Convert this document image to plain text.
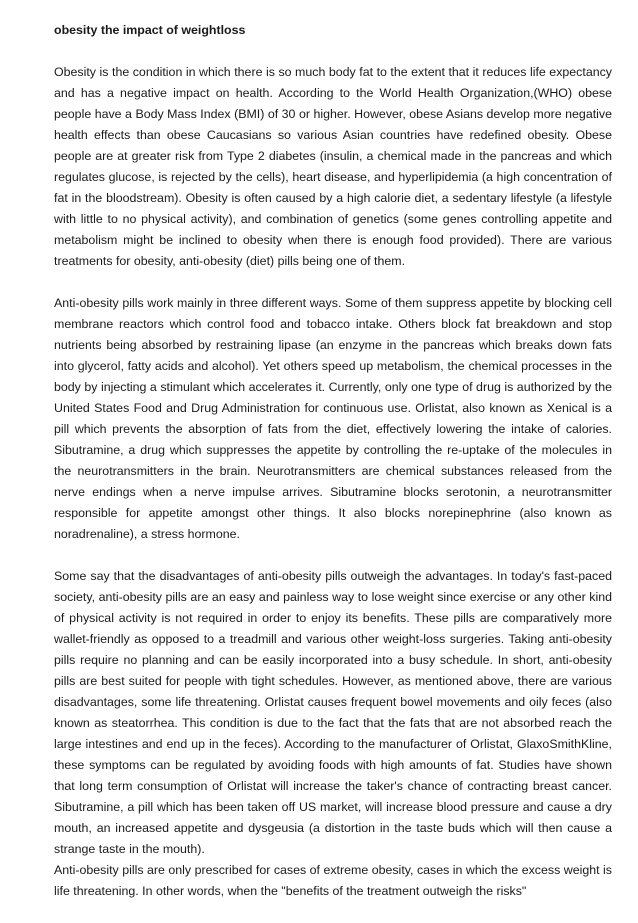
obesity the impact of weightloss

Obesity is the condition in which there is so much body fat to the extent that it reduces life expectancy and has a negative impact on health. According to the World Health Organization,(WHO) obese people have a Body Mass Index (BMI) of 30 or higher. However, obese Asians develop more negative health effects than obese Caucasians so various Asian countries have redefined obesity. Obese people are at greater risk from Type 2 diabetes (insulin, a chemical made in the pancreas and which regulates glucose, is rejected by the cells), heart disease, and hyperlipidemia (a high concentration of fat in the bloodstream). Obesity is often caused by a high calorie diet, a sedentary lifestyle (a lifestyle with little to no physical activity), and combination of genetics (some genes controlling appetite and metabolism might be inclined to obesity when there is enough food provided). There are various treatments for obesity, anti-obesity (diet) pills being one of them.

Anti-obesity pills work mainly in three different ways. Some of them suppress appetite by blocking cell membrane reactors which control food and tobacco intake. Others block fat breakdown and stop nutrients being absorbed by restraining lipase (an enzyme in the pancreas which breaks down fats into glycerol, fatty acids and alcohol). Yet others speed up metabolism, the chemical processes in the body by injecting a stimulant which accelerates it. Currently, only one type of drug is authorized by the United States Food and Drug Administration for continuous use. Orlistat, also known as Xenical is a pill which prevents the absorption of fats from the diet, effectively lowering the intake of calories. Sibutramine, a drug which suppresses the appetite by controlling the re-uptake of the molecules in the neurotransmitters in the brain. Neurotransmitters are chemical substances released from the nerve endings when a nerve impulse arrives. Sibutramine blocks serotonin, a neurotransmitter responsible for appetite amongst other things. It also blocks norepinephrine (also known as noradrenaline), a stress hormone.

Some say that the disadvantages of anti-obesity pills outweigh the advantages. In today's fast-paced society, anti-obesity pills are an easy and painless way to lose weight since exercise or any other kind of physical activity is not required in order to enjoy its benefits. These pills are comparatively more wallet-friendly as opposed to a treadmill and various other weight-loss surgeries. Taking anti-obesity pills require no planning and can be easily incorporated into a busy schedule. In short, anti-obesity pills are best suited for people with tight schedules. However, as mentioned above, there are various disadvantages, some life threatening. Orlistat causes frequent bowel movements and oily feces (also known as steatorrhea. This condition is due to the fact that the fats that are not absorbed reach the large intestines and end up in the feces). According to the manufacturer of Orlistat, GlaxoSmithKline, these symptoms can be regulated by avoiding foods with high amounts of fat. Studies have shown that long term consumption of Orlistat will increase the taker's chance of contracting breast cancer. Sibutramine, a pill which has been taken off US market, will increase blood pressure and cause a dry mouth, an increased appetite and dysgeusia (a distortion in the taste buds which will then cause a strange taste in the mouth).

Anti-obesity pills are only prescribed for cases of extreme obesity, cases in which the excess weight is life threatening. In other words, when the "benefits of the treatment outweigh the risks"
